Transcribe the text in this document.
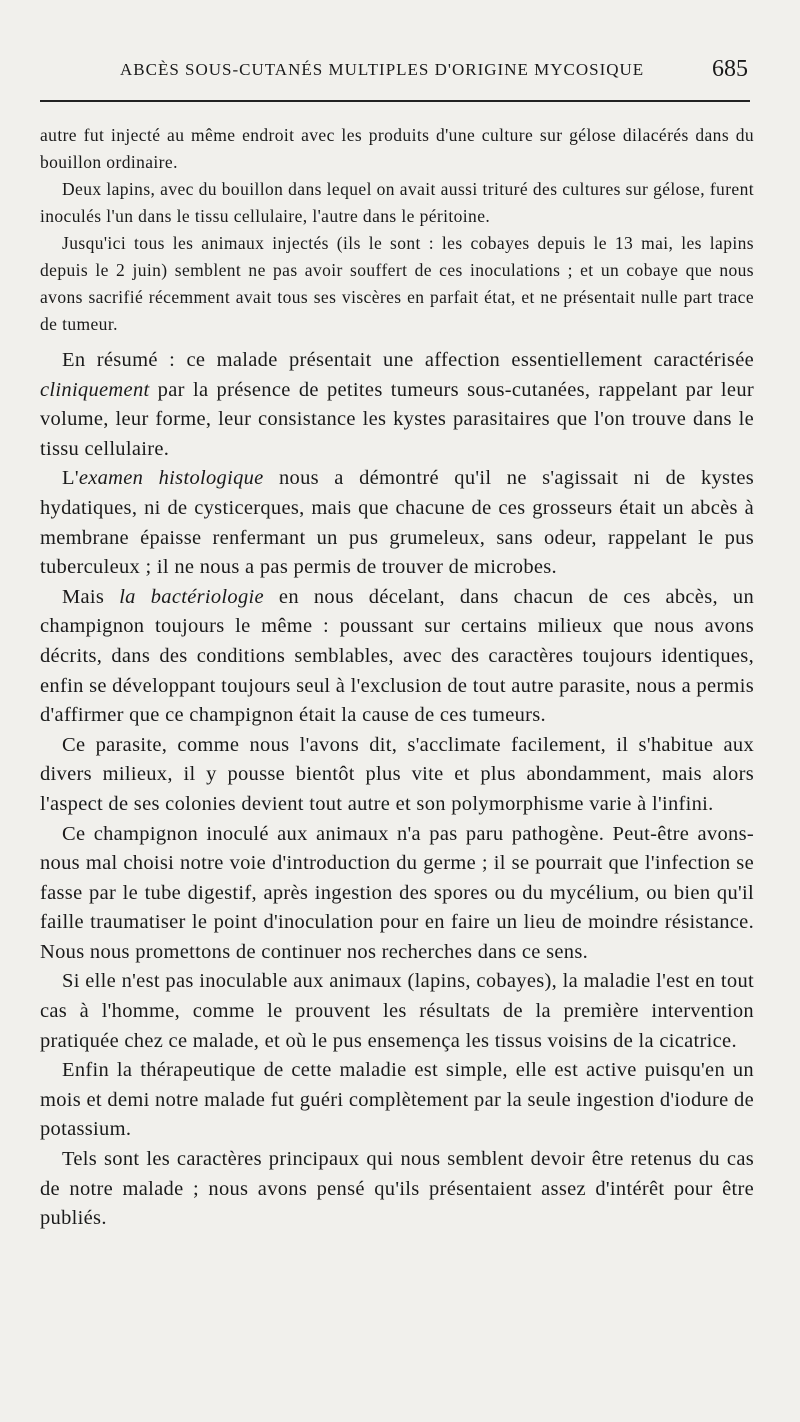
ABCÈS SOUS-CUTANÉS MULTIPLES D'ORIGINE MYCOSIQUE	685

autre fut injecté au même endroit avec les produits d'une culture sur gélose dilacérés dans du bouillon ordinaire.

Deux lapins, avec du bouillon dans lequel on avait aussi trituré des cultures sur gélose, furent inoculés l'un dans le tissu cellulaire, l'autre dans le péritoine.

Jusqu'ici tous les animaux injectés (ils le sont : les cobayes depuis le 13 mai, les lapins depuis le 2 juin) semblent ne pas avoir souffert de ces inoculations ; et un cobaye que nous avons sacrifié récemment avait tous ses viscères en parfait état, et ne présentait nulle part trace de tumeur.

En résumé : ce malade présentait une affection essentiellement caractérisée cliniquement par la présence de petites tumeurs sous-cutanées, rappelant par leur volume, leur forme, leur consistance les kystes parasitaires que l'on trouve dans le tissu cellulaire.

L'examen histologique nous a démontré qu'il ne s'agissait ni de kystes hydatiques, ni de cysticerques, mais que chacune de ces grosseurs était un abcès à membrane épaisse renfermant un pus grumeleux, sans odeur, rappelant le pus tuberculeux ; il ne nous a pas permis de trouver de microbes.

Mais la bactériologie en nous décelant, dans chacun de ces abcès, un champignon toujours le même : poussant sur certains milieux que nous avons décrits, dans des conditions semblables, avec des caractères toujours identiques, enfin se développant toujours seul à l'exclusion de tout autre parasite, nous a permis d'affirmer que ce champignon était la cause de ces tumeurs.

Ce parasite, comme nous l'avons dit, s'acclimate facilement, il s'habitue aux divers milieux, il y pousse bientôt plus vite et plus abondamment, mais alors l'aspect de ses colonies devient tout autre et son polymorphisme varie à l'infini.

Ce champignon inoculé aux animaux n'a pas paru pathogène. Peut-être avons-nous mal choisi notre voie d'introduction du germe ; il se pourrait que l'infection se fasse par le tube digestif, après ingestion des spores ou du mycélium, ou bien qu'il faille traumatiser le point d'inoculation pour en faire un lieu de moindre résistance. Nous nous promettons de continuer nos recherches dans ce sens.

Si elle n'est pas inoculable aux animaux (lapins, cobayes), la maladie l'est en tout cas à l'homme, comme le prouvent les résultats de la première intervention pratiquée chez ce malade, et où le pus ensemença les tissus voisins de la cicatrice.

Enfin la thérapeutique de cette maladie est simple, elle est active puisqu'en un mois et demi notre malade fut guéri complètement par la seule ingestion d'iodure de potassium.

Tels sont les caractères principaux qui nous semblent devoir être retenus du cas de notre malade ; nous avons pensé qu'ils présentaient assez d'intérêt pour être publiés.
